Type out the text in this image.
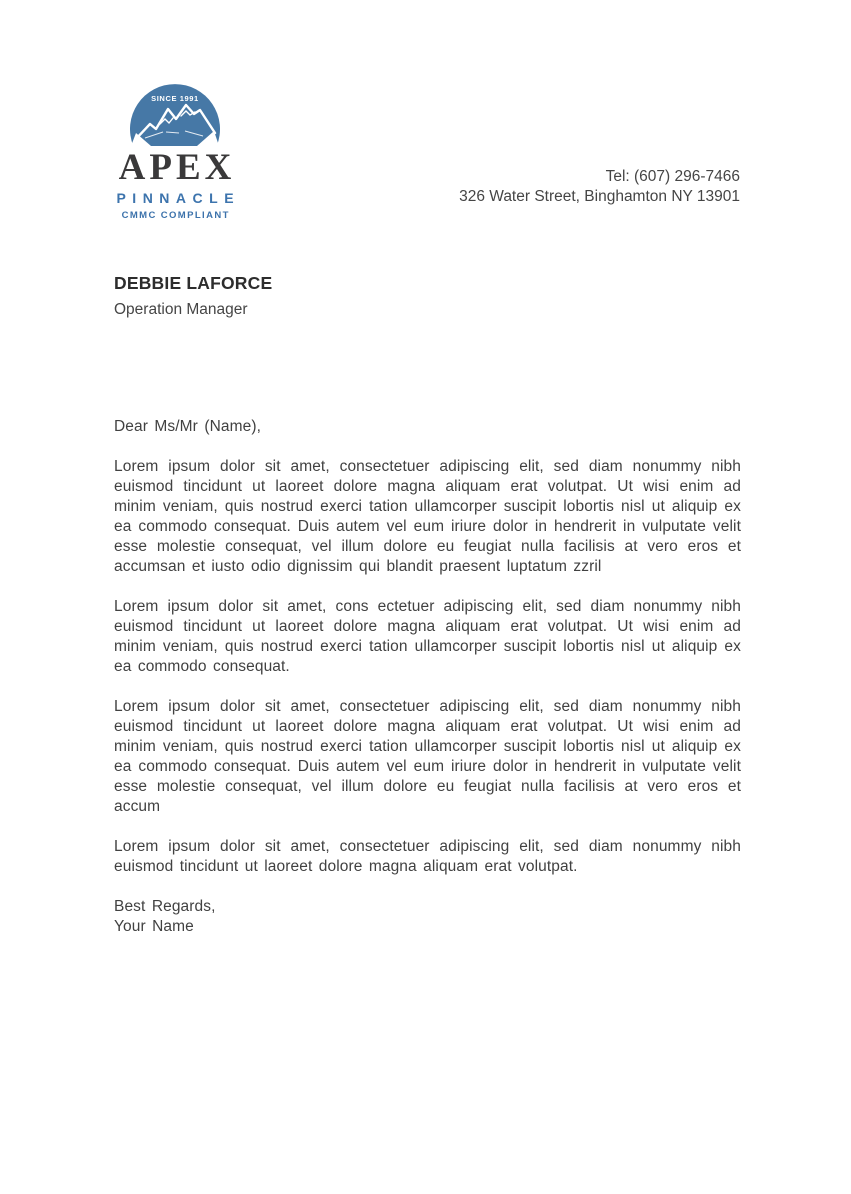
SINCE 1991
APEX
PINNACLE
CMMC COMPLIANT
Tel: (607) 296-7466
326 Water Street, Binghamton NY 13901
DEBBIE LAFORCE
Operation Manager

Dear Ms/Mr (Name),

Lorem ipsum dolor sit amet, consectetuer adipiscing elit, sed diam nonummy nibh euismod tincidunt ut laoreet dolore magna aliquam erat volutpat. Ut wisi enim ad minim veniam, quis nostrud exerci tation ullamcorper suscipit lobortis nisl ut aliquip ex ea commodo consequat. Duis autem vel eum iriure dolor in hendrerit in vulputate velit esse molestie consequat, vel illum dolore eu feugiat nulla facilisis at vero eros et accumsan et iusto odio dignissim qui blandit praesent luptatum zzril

Lorem ipsum dolor sit amet, cons ectetuer adipiscing elit, sed diam nonummy nibh euismod tincidunt ut laoreet dolore magna aliquam erat volutpat. Ut wisi enim ad minim veniam, quis nostrud exerci tation ullamcorper suscipit lobortis nisl ut aliquip ex ea commodo consequat.

Lorem ipsum dolor sit amet, consectetuer adipiscing elit, sed diam nonummy nibh euismod tincidunt ut laoreet dolore magna aliquam erat volutpat. Ut wisi enim ad minim veniam, quis nostrud exerci tation ullamcorper suscipit lobortis nisl ut aliquip ex ea commodo consequat. Duis autem vel eum iriure dolor in hendrerit in vulputate velit esse molestie consequat, vel illum dolore eu feugiat nulla facilisis at vero eros et accum

Lorem ipsum dolor sit amet, consectetuer adipiscing elit, sed diam nonummy nibh euismod tincidunt ut laoreet dolore magna aliquam erat volutpat.

Best Regards,
Your Name
